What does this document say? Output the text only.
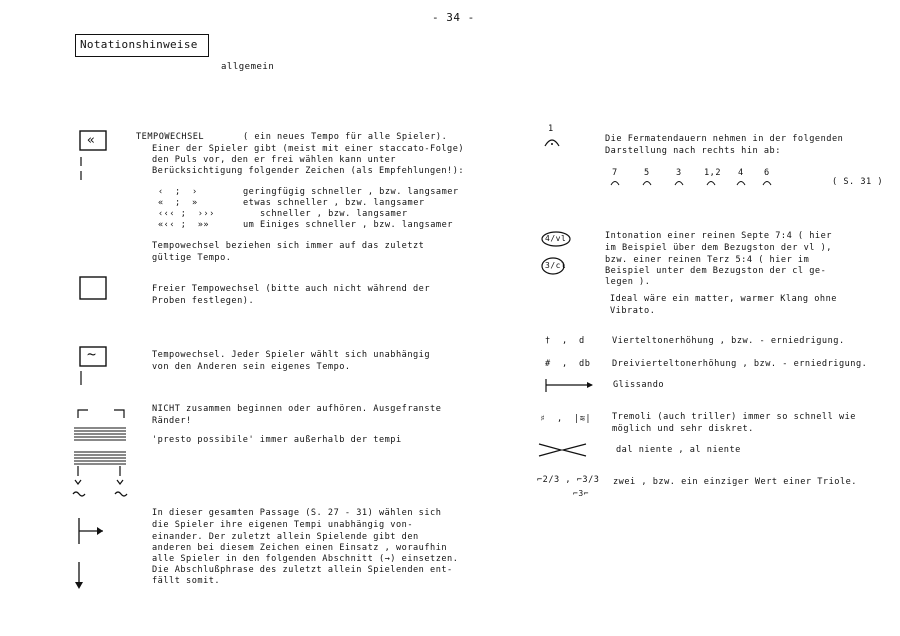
- 34 -
Notationshinweise
allgemein
«	TEMPOWECHSEL	( ein neues Tempo für alle Spieler).
Einer der Spieler gibt (meist mit einer staccato-Folge)
den Puls vor, den er frei wählen kann unter
Berücksichtigung folgender Zeichen (als Empfehlungen!):
‹  ;  ›	geringfügig schneller , bzw. langsamer
«  ;  »	etwas schneller , bzw. langsamer
‹‹‹ ;  ›››	schneller , bzw. langsamer
«‹‹ ;  »»	um Einiges schneller , bzw. langsamer
Tempowechsel beziehen sich immer auf das zuletzt
gültige Tempo.
Freier Tempowechsel (bitte auch nicht während der
Proben festlegen).
~	Tempowechsel. Jeder Spieler wählt sich unabhängig
von den Anderen sein eigenes Tempo.
NICHT zusammen beginnen oder aufhören. Ausgefranste
Ränder!
'presto possibile' immer außerhalb der tempi
In dieser gesamten Passage (S. 27 - 31) wählen sich
die Spieler ihre eigenen Tempi unabhängig von-
einander. Der zuletzt allein Spielende gibt den
anderen bei diesem Zeichen einen Einsatz , woraufhin
alle Spieler in den folgenden Abschnitt (→) einsetzen.
Die Abschlußphrase des zuletzt allein Spielenden ent-
fällt somit.
1
Die Fermatendauern nehmen in der folgenden
Darstellung nach rechts hin ab:
7	5	3	1,2 4 6
( S. 31 )
4/vl
3/cl
Intonation einer reinen Septe 7:4 ( hier
im Beispiel über dem Bezugston der vl ),
bzw. einer reinen Terz 5:4 ( hier im
Beispiel unter dem Bezugston der cl ge-
legen ).
Ideal wäre ein matter, warmer Klang ohne
Vibrato.
†  ,  d	Vierteltonerhöhung , bzw. - erniedrigung.
#  ,  db	Dreivierteltonerhöhung , bzw. - erniedrigung.
Glissando
♯  ,  |≋| Tremoli (auch triller) immer so schnell wie
möglich und sehr diskret.
dal niente , al niente
⌐2/3 , ⌐3/3
⌐3⌐
zwei , bzw. ein einziger Wert einer Triole.
